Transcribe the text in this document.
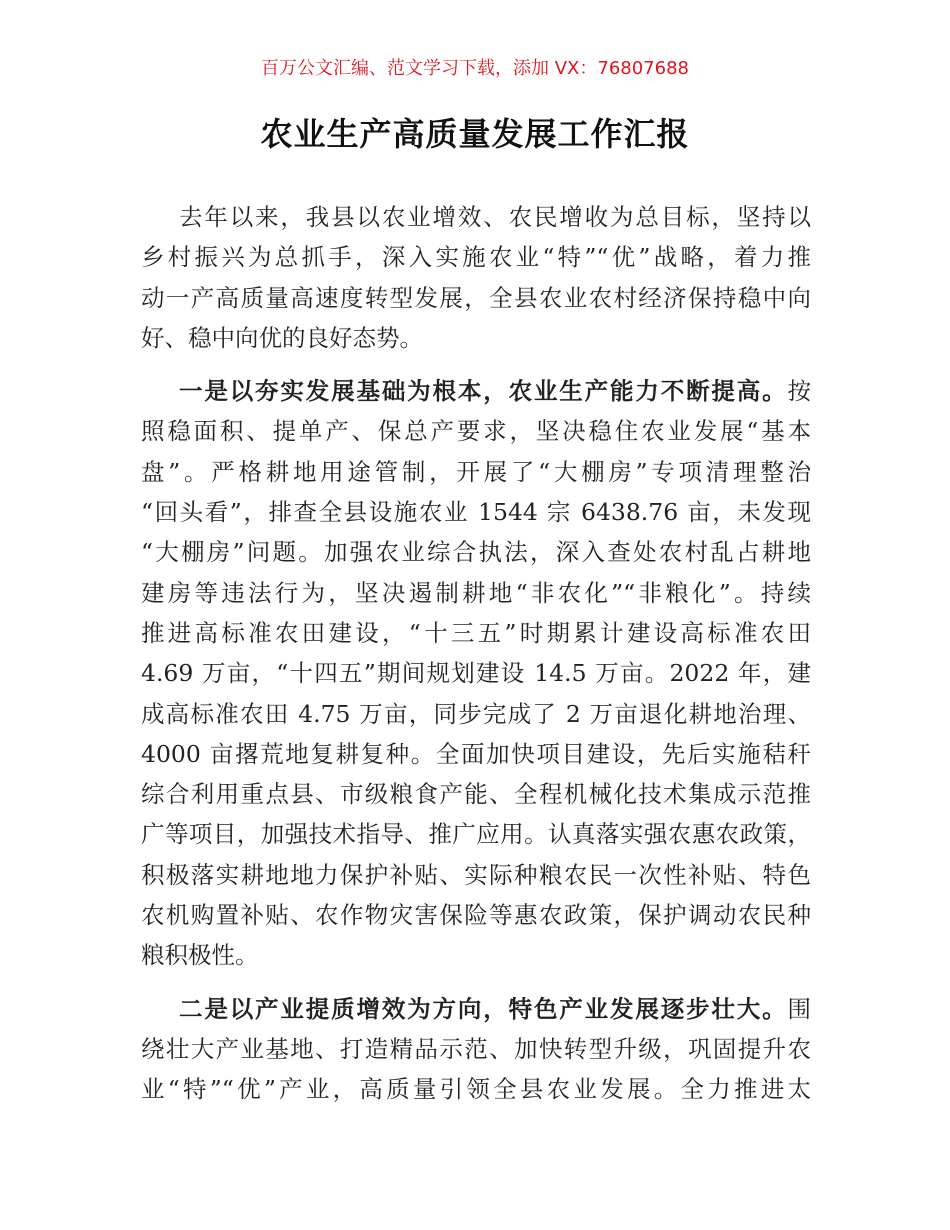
百万公文汇编、范文学习下载，添加 VX：76807688
农业生产高质量发展工作汇报
去年以来，我县以农业增效、农民增收为总目标，坚持以
乡村振兴为总抓手，深入实施农业“特”“优”战略，着力推
动一产高质量高速度转型发展，全县农业农村经济保持稳中向
好、稳中向优的良好态势。
一是以夯实发展基础为根本，农业生产能力不断提高。按
照稳面积、提单产、保总产要求，坚决稳住农业发展“基本
盘”。严格耕地用途管制，开展了“大棚房”专项清理整治
“回头看”，排查全县设施农业 1544 宗 6438.76 亩，未发现
“大棚房”问题。加强农业综合执法，深入查处农村乱占耕地
建房等违法行为，坚决遏制耕地“非农化”“非粮化”。持续
推进高标准农田建设，“十三五”时期累计建设高标准农田
4.69 万亩，“十四五”期间规划建设 14.5 万亩。2022 年，建
成高标准农田 4.75 万亩，同步完成了 2 万亩退化耕地治理、
4000 亩撂荒地复耕复种。全面加快项目建设，先后实施秸秆
综合利用重点县、市级粮食产能、全程机械化技术集成示范推
广等项目，加强技术指导、推广应用。认真落实强农惠农政策，
积极落实耕地地力保护补贴、实际种粮农民一次性补贴、特色
农机购置补贴、农作物灾害保险等惠农政策，保护调动农民种
粮积极性。
二是以产业提质增效为方向，特色产业发展逐步壮大。围
绕壮大产业基地、打造精品示范、加快转型升级，巩固提升农
业“特”“优”产业，高质量引领全县农业发展。全力推进太
